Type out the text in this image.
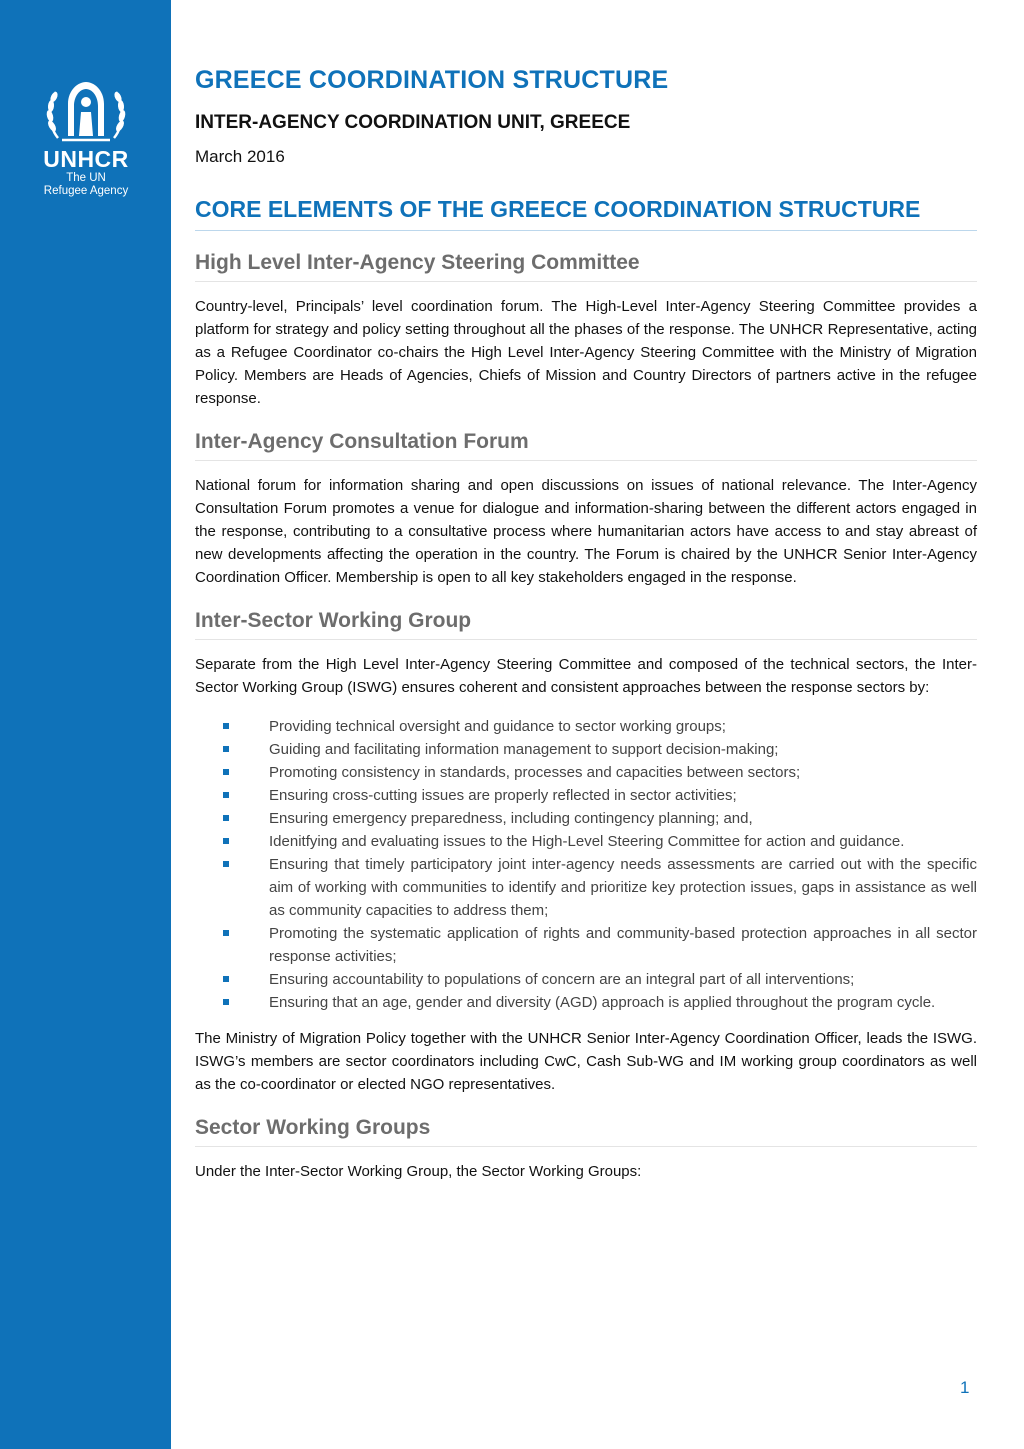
UNHCR
The UN
Refugee Agency
GREECE COORDINATION STRUCTURE
INTER-AGENCY COORDINATION UNIT, GREECE
March 2016
CORE ELEMENTS OF THE GREECE COORDINATION STRUCTURE
High Level Inter-Agency Steering Committee

Country-level, Principals’ level coordination forum. The High-Level Inter-Agency Steering Committee provides a platform for strategy and policy setting throughout all the phases of the response. The UNHCR Representative, acting as a Refugee Coordinator co-chairs the High Level Inter-Agency Steering Committee with the Ministry of Migration Policy. Members are Heads of Agencies, Chiefs of Mission and Country Directors of partners active in the refugee response.

Inter-Agency Consultation Forum

National forum for information sharing and open discussions on issues of national relevance. The Inter-Agency Consultation Forum promotes a venue for dialogue and information-sharing between the different actors engaged in the response, contributing to a consultative process where humanitarian actors have access to and stay abreast of new developments affecting the operation in the country. The Forum is chaired by the UNHCR Senior Inter-Agency Coordination Officer. Membership is open to all key stakeholders engaged in the response.

Inter-Sector Working Group

Separate from the High Level Inter-Agency Steering Committee and composed of the technical sectors, the Inter-Sector Working Group (ISWG) ensures coherent and consistent approaches between the response sectors by:

Providing technical oversight and guidance to sector working groups;
Guiding and facilitating information management to support decision-making;
Promoting consistency in standards, processes and capacities between sectors;
Ensuring cross-cutting issues are properly reflected in sector activities;
Ensuring emergency preparedness, including contingency planning; and,
Idenitfying and evaluating issues to the High-Level Steering Committee for action and guidance.
Ensuring that timely participatory joint inter-agency needs assessments are carried out with the specific aim of working with communities to identify and prioritize key protection issues, gaps in assistance as well as community capacities to address them;
Promoting the systematic application of rights and community-based protection approaches in all sector response activities;
Ensuring accountability to populations of concern are an integral part of all interventions;
Ensuring that an age, gender and diversity (AGD) approach is applied throughout the program cycle.

The Ministry of Migration Policy together with the UNHCR Senior Inter-Agency Coordination Officer, leads the ISWG. ISWG’s members are sector coordinators including CwC, Cash Sub-WG and IM working group coordinators as well as the co-coordinator or elected NGO representatives.

Sector Working Groups

Under the Inter-Sector Working Group, the Sector Working Groups:

1
